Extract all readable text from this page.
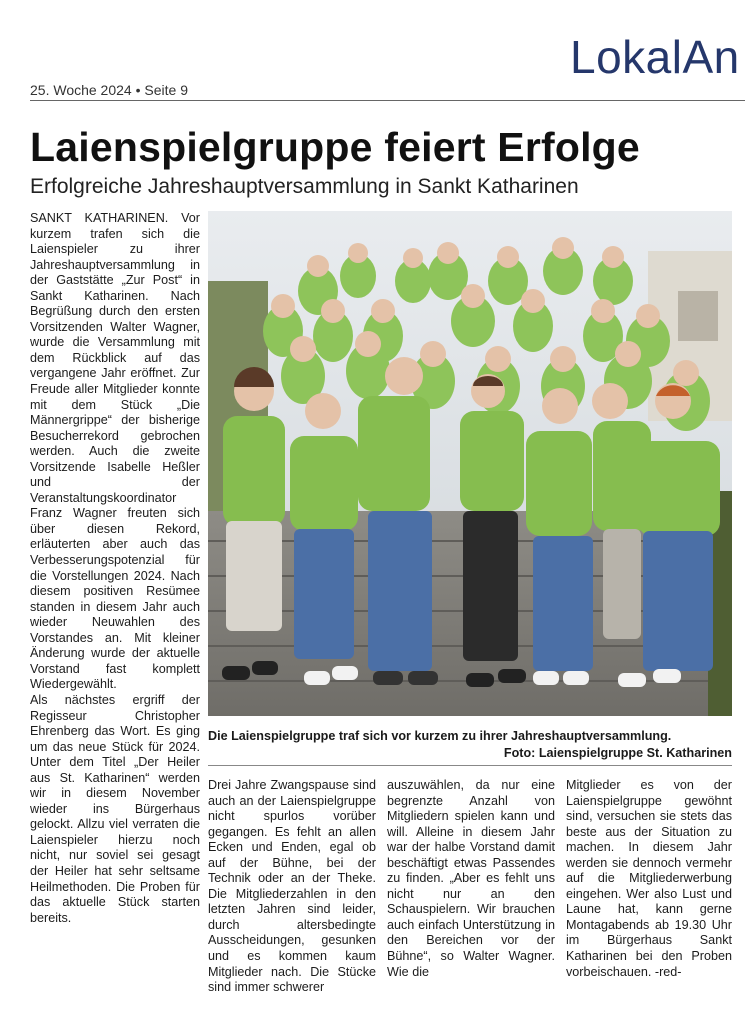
LokalAn
25. Woche 2024 • Seite 9
Laienspielgruppe feiert Erfolge
Erfolgreiche Jahreshauptversammlung in Sankt Katharinen

SANKT KATHARINEN. Vor kurzem trafen sich die Laienspieler zu ihrer Jahreshauptversammlung in der Gaststätte „Zur Post“ in Sankt Katharinen. Nach Begrüßung durch den ersten Vorsitzenden Walter Wagner, wurde die Versammlung mit dem Rückblick auf das vergangene Jahr eröffnet. Zur Freude aller Mitglieder konnte mit dem Stück „Die Männergrippe“ der bisherige Besucherrekord gebrochen werden. Auch die zweite Vorsitzende Isabelle Heßler und der Veranstaltungskoordinator Franz Wagner freuten sich über diesen Rekord, erläuterten aber auch das Verbesserungspotenzial für die Vorstellungen 2024. Nach diesem positiven Resümee standen in diesem Jahr auch wieder Neuwahlen des Vorstandes an. Mit kleiner Änderung wurde der aktuelle Vorstand fast komplett Wiedergewählt.

Als nächstes ergriff der Regisseur Christopher Ehrenberg das Wort. Es ging um das neue Stück für 2024. Unter dem Titel „Der Heiler aus St. Katharinen“ werden wir in diesem November wieder ins Bürgerhaus gelockt. Allzu viel verraten die Laienspieler hierzu noch nicht, nur soviel sei gesagt der Heiler hat sehr seltsame Heilmethoden. Die Proben für das aktuelle Stück starten bereits.

Die Laienspielgruppe traf sich vor kurzem zu ihrer Jahreshauptversammlung.
Foto: Laienspielgruppe St. Katharinen

Drei Jahre Zwangspause sind auch an der Laienspielgruppe nicht spurlos vorüber gegangen. Es fehlt an allen Ecken und Enden, egal ob auf der Bühne, bei der Technik oder an der Theke. Die Mitgliederzahlen in den letzten Jahren sind leider, durch altersbedingte Ausscheidungen, gesunken und es kommen kaum Mitglieder nach. Die Stücke sind immer schwerer

auszuwählen, da nur eine begrenzte Anzahl von Mitgliedern spielen kann und will. Alleine in diesem Jahr war der halbe Vorstand damit beschäftigt etwas Passendes zu finden. „Aber es fehlt uns nicht nur an den Schauspielern. Wir brauchen auch einfach Unterstützung in den Bereichen vor der Bühne“, so Walter Wagner. Wie die

Mitglieder es von der Laienspielgruppe gewöhnt sind, versuchen sie stets das beste aus der Situation zu machen. In diesem Jahr werden sie dennoch vermehr auf die Mitgliederwerbung eingehen. Wer also Lust und Laune hat, kann gerne Montagabends ab 19.30 Uhr im Bürgerhaus Sankt Katharinen bei den Proben vorbeischauen. -red-
